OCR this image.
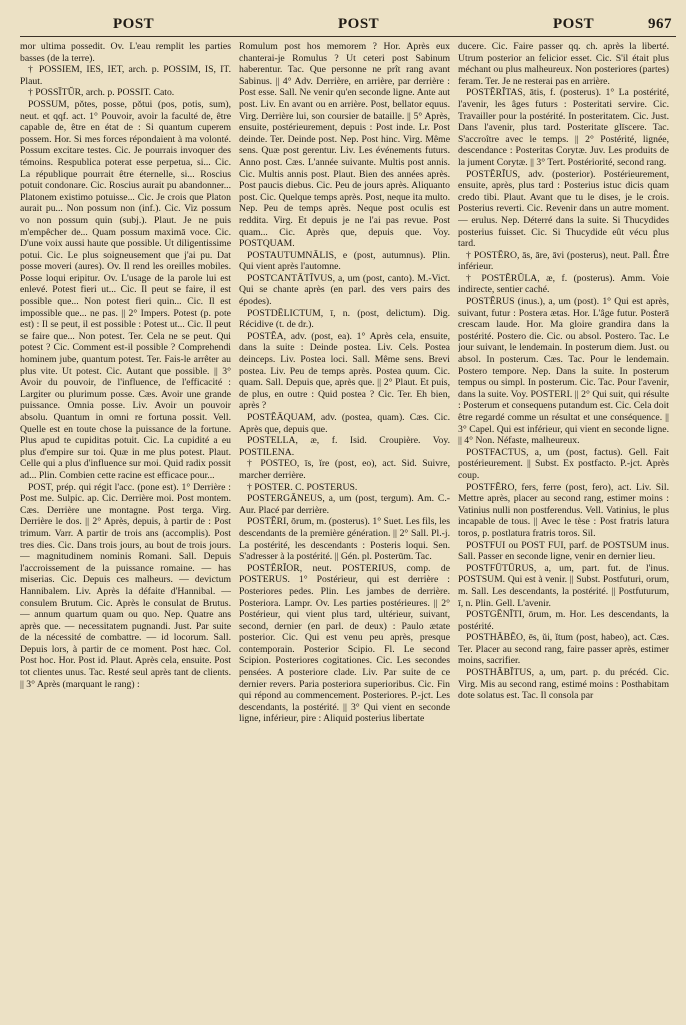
POST	POST	POST	967

mor ultima possedit. Ov. L'eau remplit les parties basses (de la terre).

† POSSIEM, IES, IET, arch. p. POSSIM, IS, IT. Plaut.

† POSSĪTŬR, arch. p. POSSIT. Cato.

POSSUM, pŏtes, posse, pŏtui (pos, potis, sum), neut. et qqf. act. 1° Pouvoir, avoir la faculté de, être capable de, être en état de : Si quantum cuperem possem. Hor. Si mes forces répondaient à ma volonté. Possum excitare testes. Cic. Je pourrais invoquer des témoins. Respublica poterat esse perpetua, si... Cic. La république pourrait être éternelle, si... Roscius potuit condonare. Cic. Roscius aurait pu abandonner... Platonem existimo potuisse... Cic. Je crois que Platon aurait pu... Non possum non (inf.). Cic. Viz possum vo non possum quin (subj.). Plaut. Je ne puis m'empêcher de... Quam possum maximā voce. Cic. D'une voix aussi haute que possible. Ut diligentissime potui. Cic. Le plus soigneusement que j'ai pu. Dat posse moveri (aures). Ov. Il rend les oreilles mobiles. Posse loqui eripitur. Ov. L'usage de la parole lui est enlevé. Potest fieri ut... Cic. Il peut se faire, il est possible que... Non potest fieri quin... Cic. Il est impossible que... ne pas. || 2° Impers. Potest (p. pote est) : Il se peut, il est possible : Potest ut... Cic. Il peut se faire que... Non potest. Ter. Cela ne se peut. Qui potest ? Cic. Comment est-il possible ? Comprehendi hominem jube, quantum potest. Ter. Fais-le arrêter au plus vite. Ut potest. Cic. Autant que possible. || 3° Avoir du pouvoir, de l'influence, de l'efficacité : Largiter ou plurimum posse. Cæs. Avoir une grande puissance. Omnia posse. Liv. Avoir un pouvoir absolu. Quantum in omni re fortuna possit. Vell. Quelle est en toute chose la puissance de la fortune. Plus apud te cupiditas potuit. Cic. La cupidité a eu plus d'empire sur toi. Quæ in me plus potest. Plaut. Celle qui a plus d'influence sur moi. Quid radix possit ad... Plin. Combien cette racine est efficace pour...

POST, prép. qui régit l'acc. (pone est). 1° Derrière : Post me. Sulpic. ap. Cic. Derrière moi. Post montem. Cæs. Derrière une montagne. Post terga. Virg. Derrière le dos. || 2° Après, depuis, à partir de : Post trimum. Varr. A partir de trois ans (accomplis). Post tres dies. Cic. Dans trois jours, au bout de trois jours. — magnitudinem nominis Romani. Sall. Depuis l'accroissement de la puissance romaine. — has miserias. Cic. Depuis ces malheurs. — devictum Hannibalem. Liv. Après la défaite d'Hannibal. — consulem Brutum. Cic. Après le consulat de Brutus. — annum quartum quam ou quo. Nep. Quatre ans après que. — necessitatem pugnandi. Just. Par suite de la nécessité de combattre. — id locorum. Sall. Depuis lors, à partir de ce moment. Post hæc. Col. Post hoc. Hor. Post id. Plaut. Après cela, ensuite. Post tot clientes unus. Tac. Resté seul après tant de clients. || 3° Après (marquant le rang) :

Romulum post hos memorem ? Hor. Après eux chanterai-je Romulus ? Ut ceteri post Sabinum haberentur. Tac. Que personne ne prît rang avant Sabinus. || 4° Adv. Derrière, en arrière, par derrière : Post esse. Sall. Ne venir qu'en seconde ligne. Ante aut post. Liv. En avant ou en arrière. Post, bellator equus. Virg. Derrière lui, son coursier de bataille. || 5° Après, ensuite, postérieurement, depuis : Post inde. Lr. Post deinde. Ter. Deinde post. Nep. Post hinc. Virg. Même sens. Quæ post gerentur. Liv. Les événements futurs. Anno post. Cæs. L'année suivante. Multis post annis. Cic. Multis annis post. Plaut. Bien des années après. Post paucis diebus. Cic. Peu de jours après. Aliquanto post. Cic. Quelque temps après. Post, neque ita multo. Nep. Peu de temps après. Neque post oculis est reddita. Virg. Et depuis je ne l'ai pas revue. Post quam... Cic. Après que, depuis que. Voy. POSTQUAM.

POSTAUTUMNĀLIS, e (post, autumnus). Plin. Qui vient après l'automne.

POSTCANTĀTĪVUS, a, um (post, canto). M.-Vict. Qui se chante après (en parl. des vers pairs des épodes).

POSTDĒLICTUM, ī, n. (post, delictum). Dig. Récidive (t. de dr.).

POSTĔA, adv. (post, ea). 1° Après cela, ensuite, dans la suite : Deinde postea. Liv. Cels. Postea deinceps. Liv. Postea loci. Sall. Même sens. Brevi postea. Liv. Peu de temps après. Postea quum. Cic. quam. Sall. Depuis que, après que. || 2° Plaut. Et puis, de plus, en outre : Quid postea ? Cic. Ter. Eh bien, après ?

POSTĔĀQUAM, adv. (postea, quam). Cæs. Cic. Après que, depuis que.

POSTELLA, æ, f. Isid. Croupière. Voy. POSTILENA.

† POSTEO, īs, ĭre (post, eo), act. Sid. Suivre, marcher derrière.

† POSTER. C. POSTERUS.

POSTERGĀNEUS, a, um (post, tergum). Am. C.-Aur. Placé par derrière.

POSTĔRI, ōrum, m. (posterus). 1° Suet. Les fils, les descendants de la première génération. || 2° Sall. Pl.-j. La postérité, les descendants : Posteris loqui. Sen. S'adresser à la postérité. || Gén. pl. Posterūm. Tac.

POSTĔRĬOR, neut. POSTERIUS, comp. de POSTERUS. 1° Postérieur, qui est derrière : Posteriores pedes. Plin. Les jambes de derrière. Posteriora. Lampr. Ov. Les parties postérieures. || 2° Postérieur, qui vient plus tard, ultérieur, suivant, second, dernier (en parl. de deux) : Paulo ætate posterior. Cic. Qui est venu peu après, presque contemporain. Posterior Scipio. Fl. Le second Scipion. Posteriores cogitationes. Cic. Les secondes pensées. A posteriore clade. Liv. Par suite de ce dernier revers. Paria posteriora superioribus. Cic. Fin qui répond au commencement. Posteriores. P.-jct. Les descendants, la postérité. || 3° Qui vient en seconde ligne, inférieur, pire : Aliquid posterius libertate

ducere. Cic. Faire passer qq. ch. après la liberté. Utrum posterior an felicior esset. Cic. S'il était plus méchant ou plus malheureux. Non posteriores (partes) feram. Ter. Je ne resterai pas en arrière.

POSTĔRĬTAS, ātis, f. (posterus). 1° La postérité, l'avenir, les âges futurs : Posteritati servire. Cic. Travailler pour la postérité. In posteritatem. Cic. Just. Dans l'avenir, plus tard. Posteritate glīscere. Tac. S'accroître avec le temps. || 2° Postérité, lignée, descendance : Posteritas Corytæ. Juv. Les produits de la jument Corytæ. || 3° Tert. Postériorité, second rang.

POSTĔRĬUS, adv. (posterior). Postérieurement, ensuite, après, plus tard : Posterius istuc dicis quam credo tibi. Plaut. Avant que tu le dises, je le crois. Posterius reverti. Cic. Revenir dans un autre moment. — erulus. Nep. Déterré dans la suite. Si Thucydides posterius fuisset. Cic. Si Thucydide eût vécu plus tard.

† POSTĔRO, ās, āre, āvi (posterus), neut. Pall. Être inférieur.

† POSTĔRŬLA, æ, f. (posterus). Amm. Voie indirecte, sentier caché.

POSTĔRUS (inus.), a, um (post). 1° Qui est après, suivant, futur : Postera ætas. Hor. L'âge futur. Posterā crescam laude. Hor. Ma gloire grandira dans la postérité. Postero die. Cic. ou absol. Postero. Tac. Le jour suivant, le lendemain. In posterum diem. Just. ou absol. In posterum. Cæs. Tac. Pour le lendemain. Postero tempore. Nep. Dans la suite. In posterum tempus ou simpl. In posterum. Cic. Tac. Pour l'avenir, dans la suite. Voy. POSTERI. || 2° Qui suit, qui résulte : Posterum et consequens putandum est. Cic. Cela doit être regardé comme un résultat et une conséquence. || 3° Capel. Qui est inférieur, qui vient en seconde ligne. || 4° Non. Néfaste, malheureux.

POSTFACTUS, a, um (post, factus). Gell. Fait postérieurement. || Subst. Ex postfacto. P.-jct. Après coup.

POSTFĔRO, fers, ferre (post, fero), act. Liv. Sil. Mettre après, placer au second rang, estimer moins : Vatinius nulli non postferendus. Vell. Vatinius, le plus incapable de tous. || Avec le tèse : Post fratris latura toros, p. postlatura fratris toros. Sil.

POSTFUI ou POST FUI, parf. de POSTSUM inus. Sall. Passer en seconde ligne, venir en dernier lieu.

POSTFŪTŪRUS, a, um, part. fut. de l'inus. POSTSUM. Qui est à venir. || Subst. Postfuturi, orum, m. Sall. Les descendants, la postérité. || Postfuturum, ī, n. Plin. Gell. L'avenir.

POSTGĔNĬTI, ōrum, m. Hor. Les descendants, la postérité.

POSTHĂBĔO, ēs, ŭi, ĭtum (post, habeo), act. Cæs. Ter. Placer au second rang, faire passer après, estimer moins, sacrifier.

POSTHĂBĬTUS, a, um, part. p. du précéd. Cic. Virg. Mis au second rang, estimé moins : Posthabitam dote solatus est. Tac. Il consola par
